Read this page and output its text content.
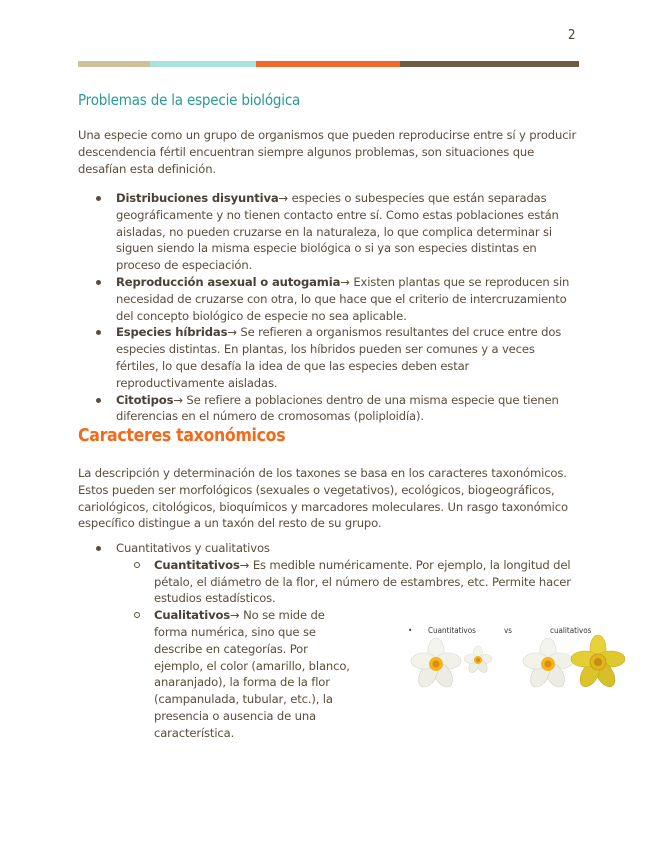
2
Problemas de la especie biológica

Una especie como un grupo de organismos que pueden reproducirse entre sí y producir descendencia fértil encuentran siempre algunos problemas, son situaciones que desafían esta definición.

Distribuciones disyuntiva→ especies o subespecies que están separadas geográficamente y no tienen contacto entre sí. Como estas poblaciones están aisladas, no pueden cruzarse en la naturaleza, lo que complica determinar si siguen siendo la misma especie biológica o si ya son especies distintas en proceso de especiación.
Reproducción asexual o autogamia→ Existen plantas que se reproducen sin necesidad de cruzarse con otra, lo que hace que el criterio de intercruzamiento del concepto biológico de especie no sea aplicable.
Especies híbridas→ Se refieren a organismos resultantes del cruce entre dos especies distintas. En plantas, los híbridos pueden ser comunes y a veces fértiles, lo que desafía la idea de que las especies deben estar reproductivamente aisladas.
Citotipos→ Se refiere a poblaciones dentro de una misma especie que tienen diferencias en el número de cromosomas (poliploidía).
Caracteres taxonómicos

La descripción y determinación de los taxones se basa en los caracteres taxonómicos. Estos pueden ser morfológicos (sexuales o vegetativos), ecológicos, biogeográficos, cariológicos, citológicos, bioquímicos y marcadores moleculares. Un rasgo taxonómico específico distingue a un taxón del resto de su grupo.

Cuantitativos y cualitativos
Cuantitativos→ Es medible numéricamente. Por ejemplo, la longitud del pétalo, el diámetro de la flor, el número de estambres, etc. Permite hacer estudios estadísticos.
Cualitativos→ No se mide de forma numérica, sino que se describe en categorías. Por ejemplo, el color (amarillo, blanco, anaranjado), la forma de la flor (campanulada, tubular, etc.), la presencia o ausencia de una característica.
• Cuantitativos	vs	cualitativos
